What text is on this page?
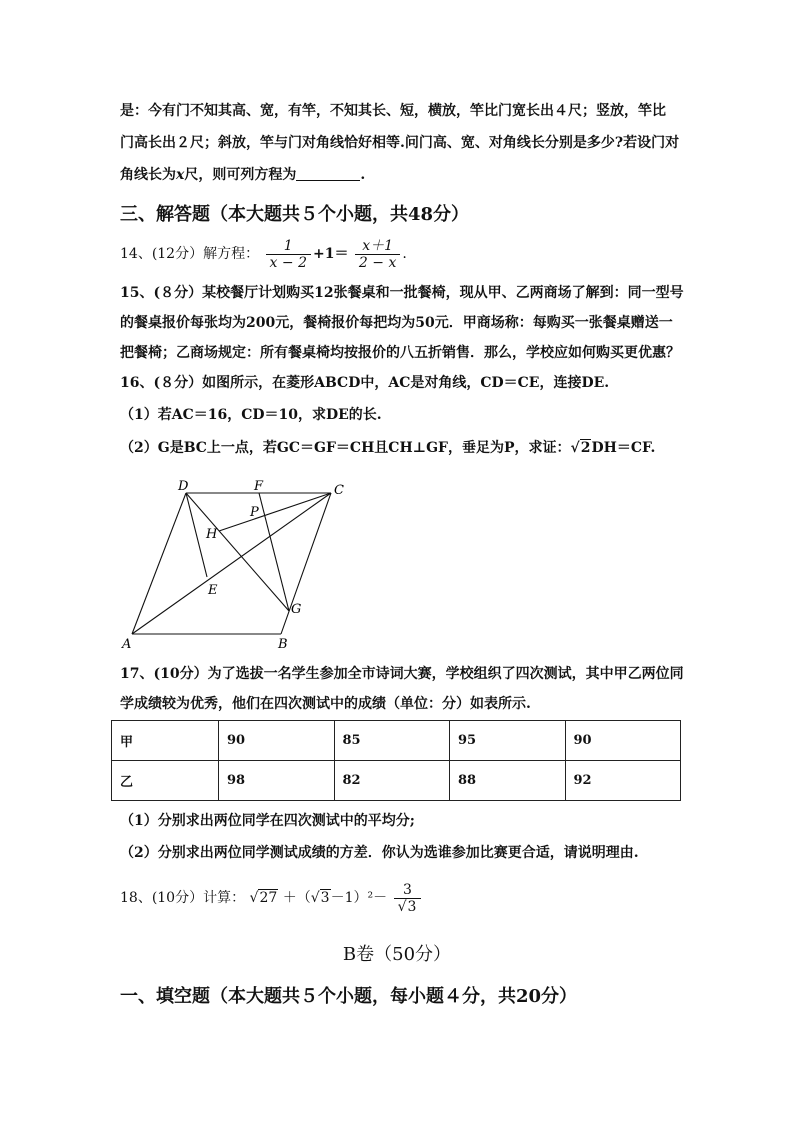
是：今有门不知其高、宽，有竿，不知其长、短，横放，竿比门宽长出４尺；竖放，竿比
门高长出２尺；斜放，竿与门对角线恰好相等.问门高、宽、对角线长分别是多少?若设门对
角线长为x尺，则可列方程为	.
三、解答题（本大题共５个小题，共48分）
14、(12分）解方程： $\frac{1}{x - 2} +1= \frac{x+1}{2 - x}$ .
15、(８分）某校餐厅计划购买12张餐桌和一批餐椅，现从甲、乙两商场了解到：同一型号
的餐桌报价每张均为200元，餐椅报价每把均为50元．甲商场称：每购买一张餐桌赠送一
把餐椅；乙商场规定：所有餐桌椅均按报价的八五折销售．那么，学校应如何购买更优惠？
16、(８分）如图所示，在菱形ABCD中，AC是对角线，CD＝CE，连接DE.
（1）若AC＝16，CD＝10，求DE的长.
（2）G是BC上一点，若GC＝GF＝CH且CH⊥GF，垂足为P，求证：√2DH＝CF.
D	F	C
P
H
E
G
A	B
17、(10分）为了选拔一名学生参加全市诗词大赛，学校组织了四次测试，其中甲乙两位同
学成绩较为优秀，他们在四次测试中的成绩（单位：分）如表所示.
甲	90	85	95	90
乙	98	82	88	92
（1）分别求出两位同学在四次测试中的平均分;
（2）分别求出两位同学测试成绩的方差．你认为选谁参加比赛更合适，请说明理由.
18、(10分）计算： $√27 +(√3-1)^2- \frac{3}{√3}$
B卷（50分）
一、填空题（本大题共５个小题，每小题４分，共20分）
